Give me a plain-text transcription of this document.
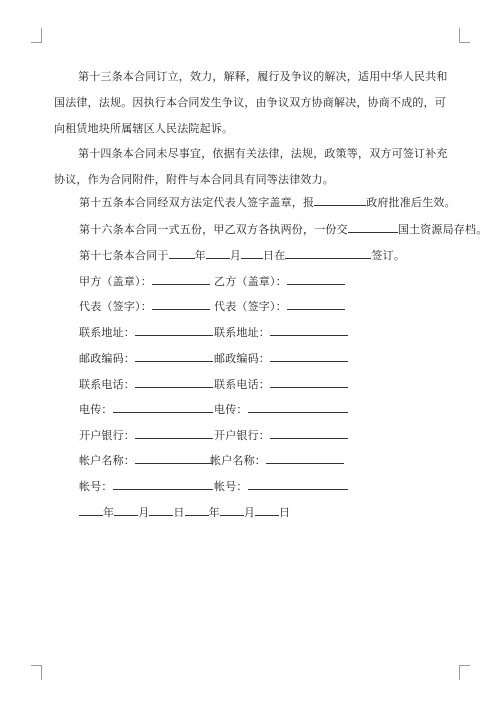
第十三条本合同订立，效力，解释，履行及争议的解决，适用中华人民共和国法律，法规。因执行本合同发生争议，由争议双方协商解决，协商不成的，可向租赁地块所属辖区人民法院起诉。
第十四条本合同未尽事宜，依据有关法律，法规，政策等，双方可签订补充协议，作为合同附件，附件与本合同具有同等法律效力。
第十五条本合同经双方法定代表人签字盖章，报	政府批准后生效。
第十六条本合同一式五份，甲乙双方各执两份，一份交	国土资源局存档。
第十七条本合同于 年 月 日在	签订。
甲方（盖章）：	乙方（盖章）：
代表（签字）：	代表（签字）：
联系地址：	联系地址：
邮政编码：	邮政编码：
联系电话：	联系电话：
电传：	电传：
开户银行：	开户银行：
帐户名称：	帐户名称：
帐号：	帐号：
年 月 日 年 月 日
